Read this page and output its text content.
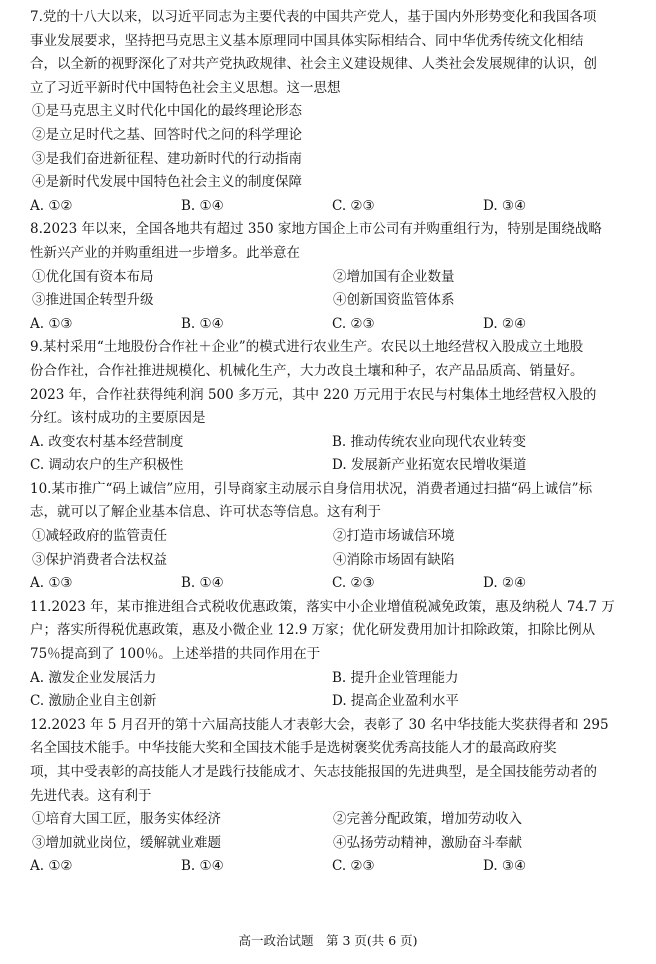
7.党的十八大以来，以习近平同志为主要代表的中国共产党人，基于国内外形势变化和我国各项
事业发展要求，坚持把马克思主义基本原理同中国具体实际相结合、同中华优秀传统文化相结
合，以全新的视野深化了对共产党执政规律、社会主义建设规律、人类社会发展规律的认识，创
立了习近平新时代中国特色社会主义思想。这一思想
①是马克思主义时代化中国化的最终理论形态
②是立足时代之基、回答时代之问的科学理论
③是我们奋进新征程、建功新时代的行动指南
④是新时代发展中国特色社会主义的制度保障
A. ①②	B. ①④	C. ②③	D. ③④
8.2023 年以来，全国各地共有超过 350 家地方国企上市公司有并购重组行为，特别是围绕战略
性新兴产业的并购重组进一步增多。此举意在
①优化国有资本布局	②增加国有企业数量
③推进国企转型升级	④创新国资监管体系
A. ①③	B. ①④	C. ②③	D. ②④
9.某村采用“土地股份合作社＋企业”的模式进行农业生产。农民以土地经营权入股成立土地股
份合作社，合作社推进规模化、机械化生产，大力改良土壤和种子，农产品品质高、销量好。
2023 年，合作社获得纯利润 500 多万元，其中 220 万元用于农民与村集体土地经营权入股的
分红。该村成功的主要原因是
A. 改变农村基本经营制度	B. 推动传统农业向现代农业转变
C. 调动农户的生产积极性	D. 发展新产业拓宽农民增收渠道
10.某市推广“码上诚信”应用，引导商家主动展示自身信用状况，消费者通过扫描“码上诚信”标
志，就可以了解企业基本信息、许可状态等信息。这有利于
①减轻政府的监管责任	②打造市场诚信环境
③保护消费者合法权益	④消除市场固有缺陷
A. ①③	B. ①④	C. ②③	D. ②④
11.2023 年，某市推进组合式税收优惠政策，落实中小企业增值税减免政策，惠及纳税人 74.7 万
户；落实所得税优惠政策，惠及小微企业 12.9 万家；优化研发费用加计扣除政策，扣除比例从
75％提高到了 100％。上述举措的共同作用在于
A. 激发企业发展活力	B. 提升企业管理能力
C. 激励企业自主创新	D. 提高企业盈利水平
12.2023 年 5 月召开的第十六届高技能人才表彰大会，表彰了 30 名中华技能大奖获得者和 295
名全国技术能手。中华技能大奖和全国技术能手是选树褒奖优秀高技能人才的最高政府奖
项，其中受表彰的高技能人才是践行技能成才、矢志技能报国的先进典型，是全国技能劳动者的
先进代表。这有利于
①培育大国工匠，服务实体经济	②完善分配政策，增加劳动收入
③增加就业岗位，缓解就业难题	④弘扬劳动精神，激励奋斗奉献
A. ①②	B. ①④	C. ②③	D. ③④
高一政治试题　第 3 页(共 6 页)
